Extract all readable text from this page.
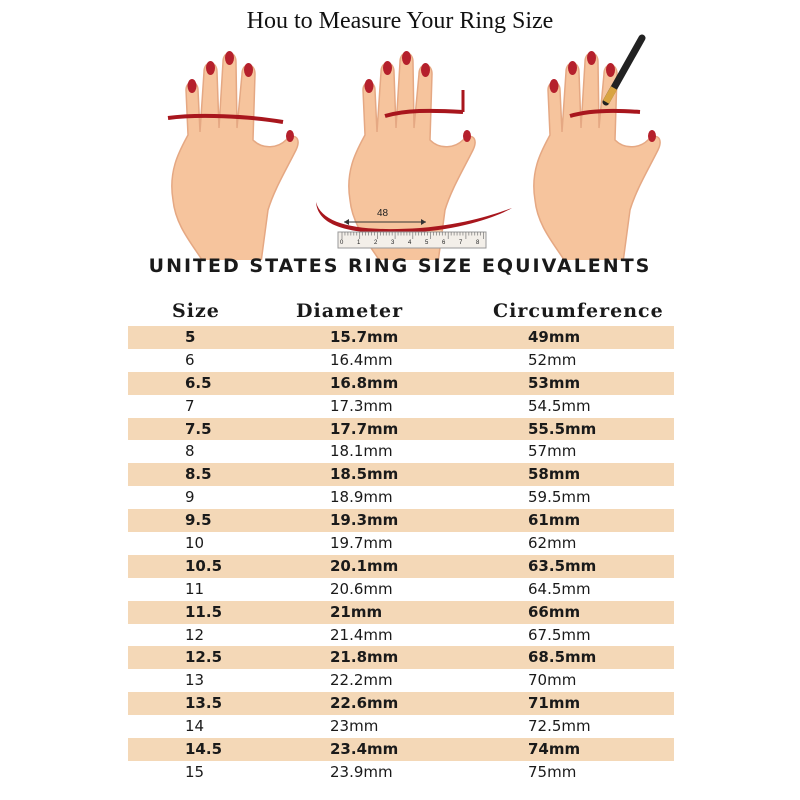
Hou to Measure Your Ring Size
48
0 1 2 3 4 5 6 7 8
UNITED STATES RING SIZE EQUIVALENTS
Size	Diameter	Circumference
5	15.7mm	49mm
6	16.4mm	52mm
6.5	16.8mm	53mm
7	17.3mm	54.5mm
7.5	17.7mm	55.5mm
8	18.1mm	57mm
8.5	18.5mm	58mm
9	18.9mm	59.5mm
9.5	19.3mm	61mm
10	19.7mm	62mm
10.5	20.1mm	63.5mm
11	20.6mm	64.5mm
11.5	21mm	66mm
12	21.4mm	67.5mm
12.5	21.8mm	68.5mm
13	22.2mm	70mm
13.5	22.6mm	71mm
14	23mm	72.5mm
14.5	23.4mm	74mm
15	23.9mm	75mm
